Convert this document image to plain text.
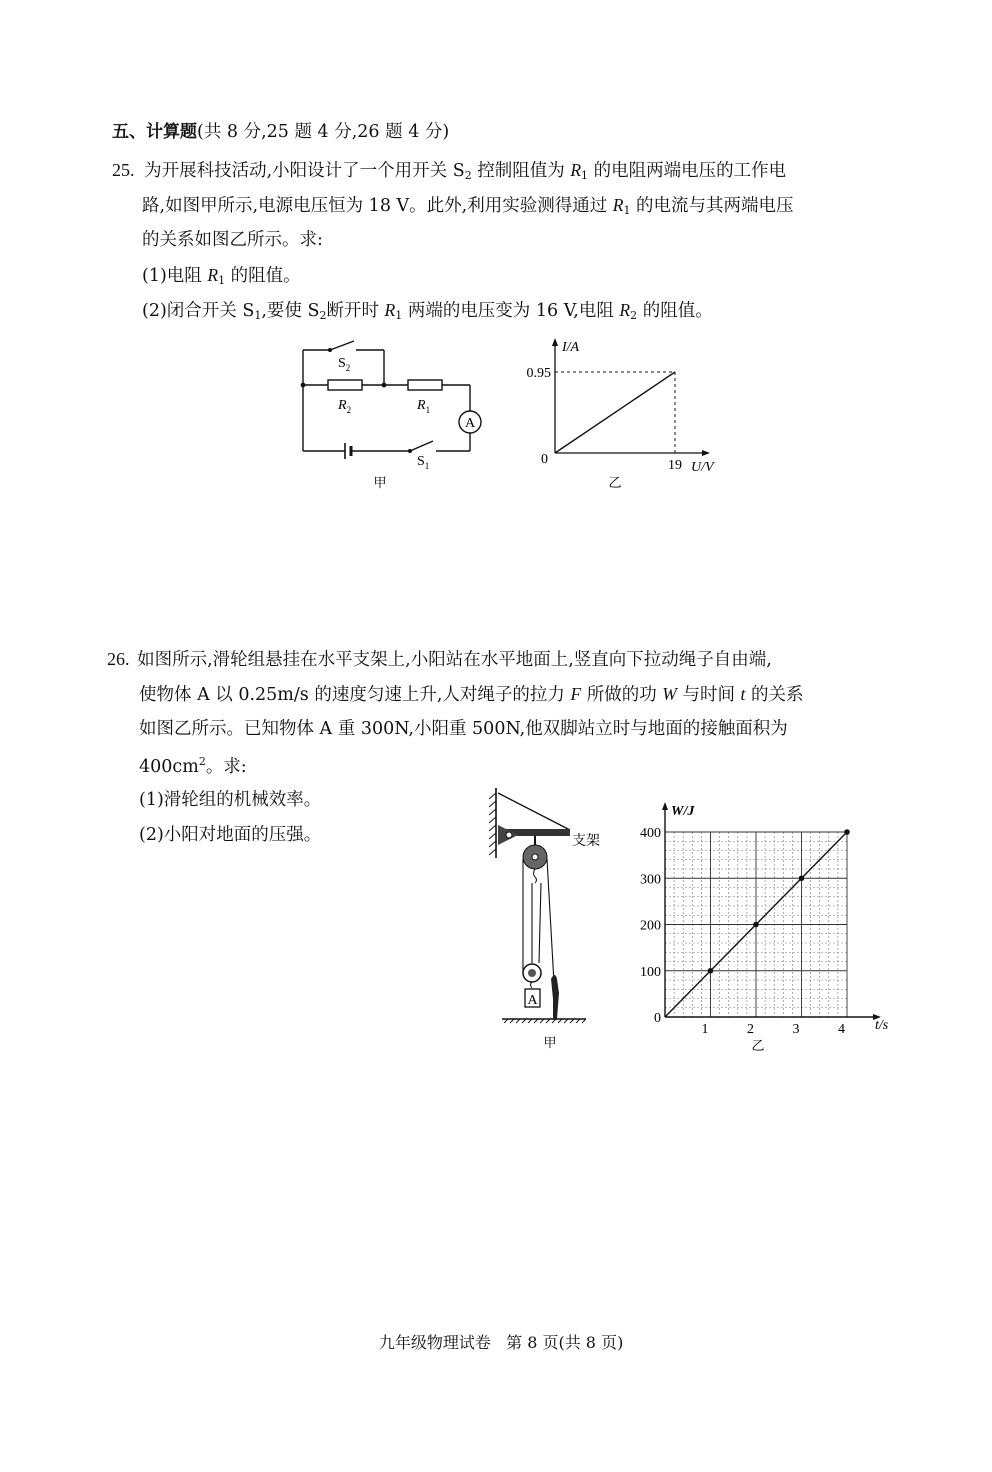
五、计算题(共 8 分,25 题 4 分,26 题 4 分)
25. 为开展科技活动,小阳设计了一个用开关 $S_2$ 控制阻值为 $R_1$ 的电阻两端电压的工作电
路,如图甲所示,电源电压恒为 18 V。此外,利用实验测得通过 $R_1$ 的电流与其两端电压
的关系如图乙所示。求:
(1)电阻 $R_1$ 的阻值。
(2)闭合开关 $S_1$,要使 $S_2$断开时 $R_1$ 两端的电压变为 16 V,电阻 $R_2$ 的阻值。
$S_2$
$R_2$	$R_1$
A
$S_1$
甲
I/A
U/V
0.95
19
0
乙
26. 如图所示,滑轮组悬挂在水平支架上,小阳站在水平地面上,竖直向下拉动绳子自由端,
使物体 A 以 0.25m/s 的速度匀速上升,人对绳子的拉力 F 所做的功 W 与时间 t 的关系
如图乙所示。已知物体 A 重 300N,小阳重 500N,他双脚站立时与地面的接触面积为
$400cm^2$。求:
(1)滑轮组的机械效率。
(2)小阳对地面的压强。
A
支架
甲
0
100
200
300
400
1	2	3	4
W/J
t/s
乙

九年级物理试卷   第 8 页(共 8 页)
